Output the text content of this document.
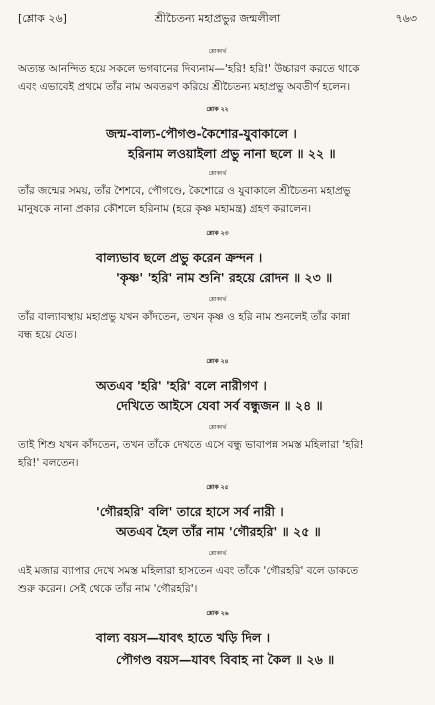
[শ্লোক ২৬]	শ্রীচৈতন্য মহাপ্রভুর জন্মলীলা	৭৬৩
শ্লোকার্থ
অত্যন্ত আনন্দিত হয়ে সকলে ভগবানের দিব্যনাম—'হরি! হরি!' উচ্চারণ করতে থাকে
এবং এভাবেই প্রথমে তাঁর নাম অবতরণ করিয়ে শ্রীচৈতন্য মহাপ্রভু অবতীর্ণ হলেন।
শ্লোক ২২
জন্ম-বাল্য-পৌগণ্ড-কৈশোর-যুবাকালে ।
হরিনাম লওয়াইলা প্রভু নানা ছলে ॥ ২২ ॥
শ্লোকার্থ
তাঁর জন্মের সময়, তাঁর শৈশবে, পৌগণ্ডে, কৈশোরে ও যুবাকালে শ্রীচৈতন্য মহাপ্রভু
মানুষকে নানা প্রকার কৌশলে হরিনাম (হরে কৃষ্ণ মহামন্ত্র) গ্রহণ করালেন।
শ্লোক ২৩
বাল্যভাব ছলে প্রভু করেন ক্রন্দন ।
'কৃষ্ণ' 'হরি' নাম শুনি' রহয়ে রোদন ॥ ২৩ ॥
শ্লোকার্থ
তাঁর বাল্যাবস্থায় মহাপ্রভু যখন কাঁদতেন, তখন কৃষ্ণ ও হরি নাম শুনলেই তাঁর কান্না
বন্ধ হয়ে যেত।
শ্লোক ২৪
অতএব 'হরি' 'হরি' বলে নারীগণ ।
দেখিতে আইসে যেবা সর্ব বন্ধুজন ॥ ২৪ ॥
শ্লোকার্থ
তাই শিশু যখন কাঁদতেন, তখন তাঁকে দেখতে এসে বন্ধু ভাবাপন্ন সমস্ত মহিলারা 'হরি!
হরি!' বলতেন।
শ্লোক ২৫
'গৌরহরি' বলি' তারে হাসে সর্ব নারী ।
অতএব হৈল তাঁর নাম 'গৌরহরি' ॥ ২৫ ॥
শ্লোকার্থ
এই মজার ব্যাপার দেখে সমস্ত মহিলারা হাসতেন এবং তাঁকে 'গৌরহরি' বলে ডাকতে
শুরু করেন। সেই থেকে তাঁর নাম 'গৌরহরি'।
শ্লোক ২৬
বাল্য বয়স—যাবৎ হাতে খড়ি দিল ।
পৌগণ্ড বয়স—যাবৎ বিবাহ না কৈল ॥ ২৬ ॥
